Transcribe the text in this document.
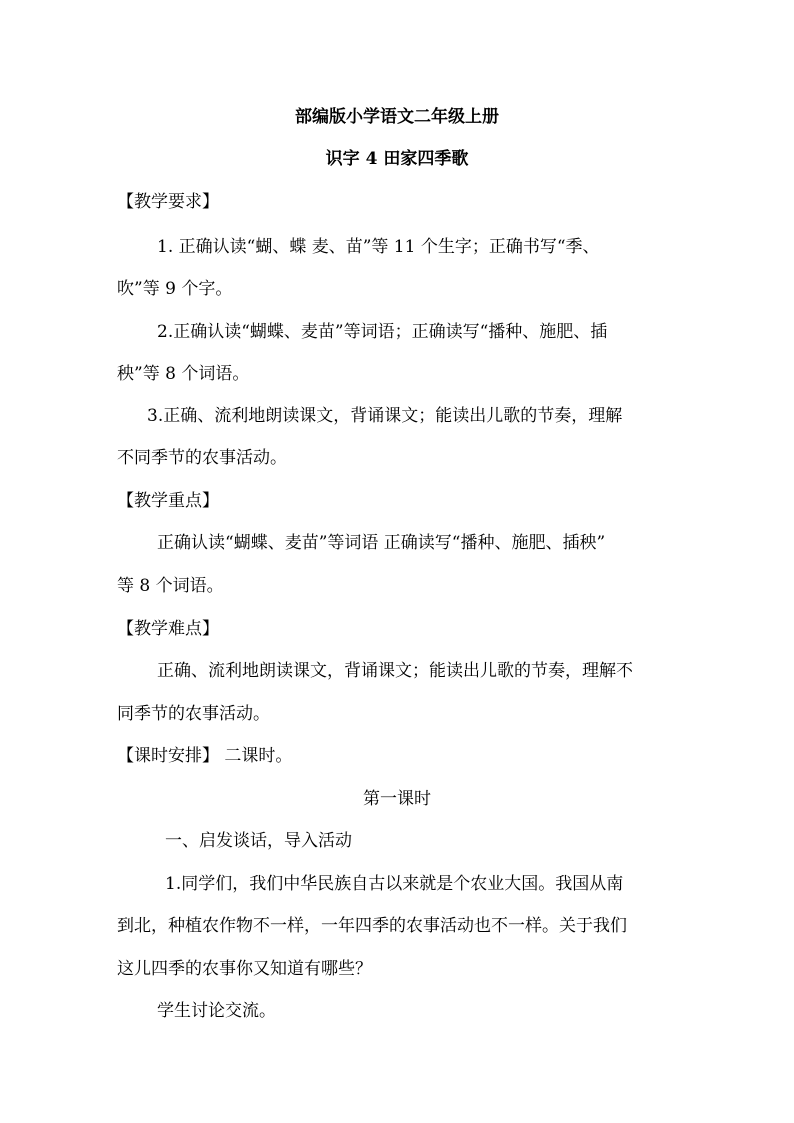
部编版小学语文二年级上册

识字 4 田家四季歌

【教学要求】

1. 正确认读“蝴、蝶 麦、苗”等 11 个生字；正确书写“季、

吹”等 9 个字。

2.正确认读“蝴蝶、麦苗”等词语；正确读写“播种、施肥、插

秧”等 8 个词语。

3.正确、流利地朗读课文，背诵课文；能读出儿歌的节奏，理解

不同季节的农事活动。

【教学重点】

正确认读“蝴蝶、麦苗”等词语 正确读写“播种、施肥、插秧”

等 8 个词语。

【教学难点】

正确、流利地朗读课文，背诵课文；能读出儿歌的节奏，理解不

同季节的农事活动。

【课时安排】 二课时。

第一课时

一、启发谈话，导入活动

1.同学们，我们中华民族自古以来就是个农业大国。我国从南

到北，种植农作物不一样，一年四季的农事活动也不一样。关于我们

这儿四季的农事你又知道有哪些？

学生讨论交流。
